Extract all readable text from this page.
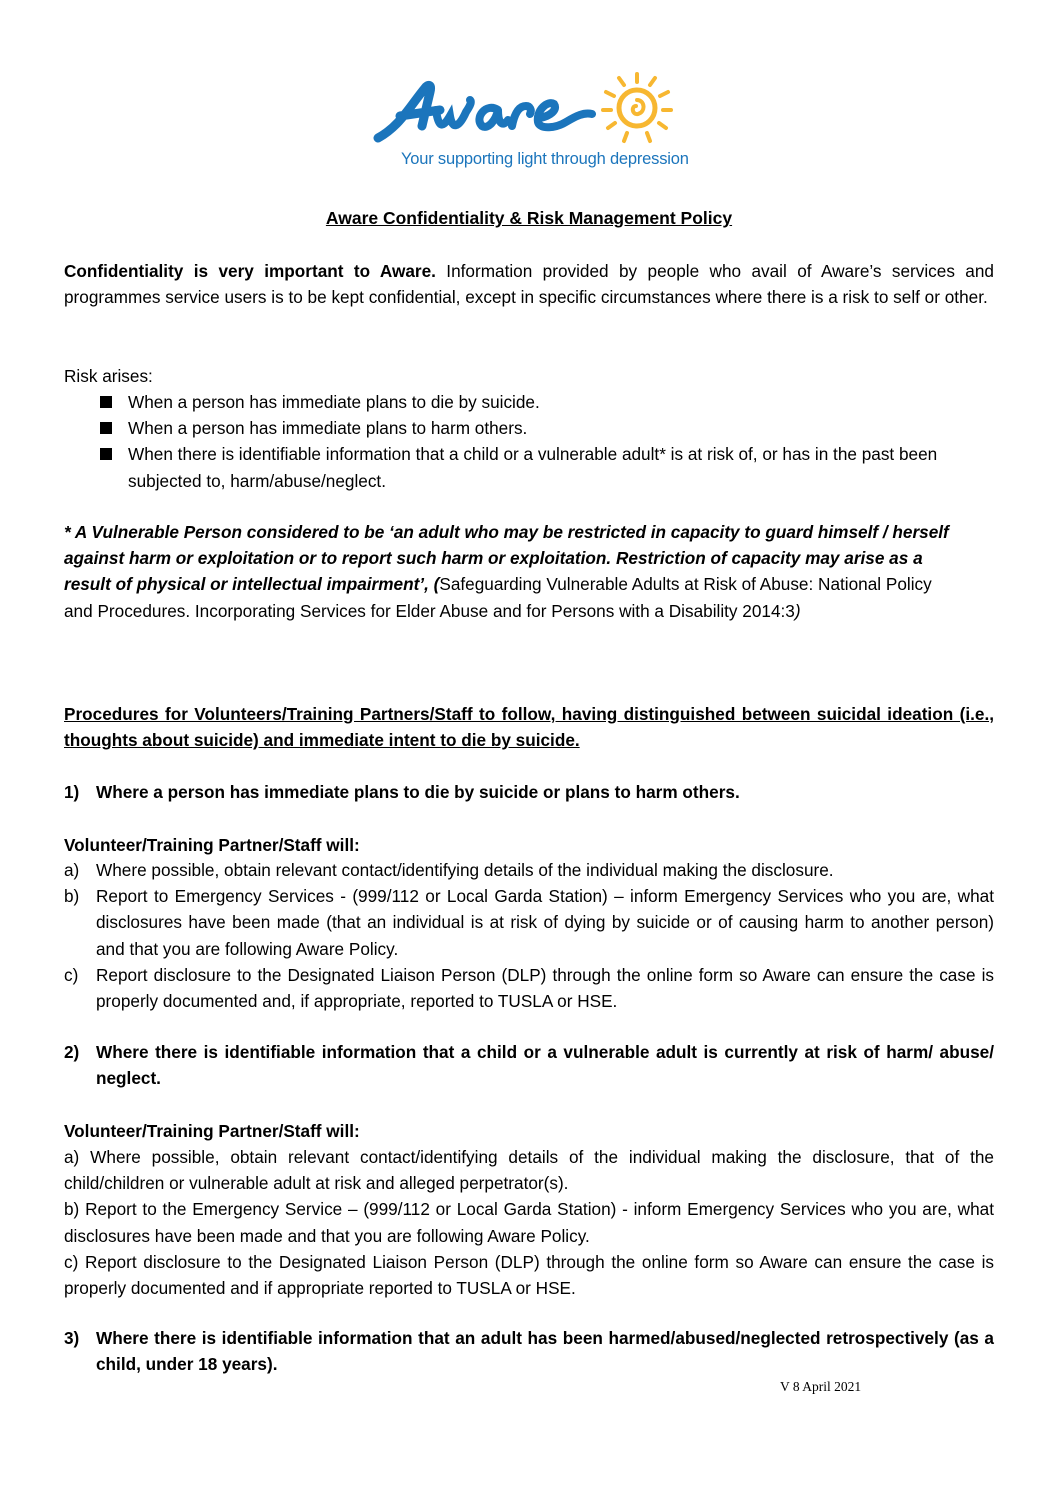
Your supporting light through depression
Aware Confidentiality & Risk Management Policy
Confidentiality is very important to Aware. Information provided by people who avail of Aware’s services and programmes service users is to be kept confidential, except in specific circumstances where there is a risk to self or other.
Risk arises:
When a person has immediate plans to die by suicide.
When a person has immediate plans to harm others.
When there is identifiable information that a child or a vulnerable adult* is at risk of, or has in the past been subjected to, harm/abuse/neglect.
* A Vulnerable Person considered to be ‘an adult who may be restricted in capacity to guard himself / herself against harm or exploitation or to report such harm or exploitation. Restriction of capacity may arise as a result of physical or intellectual impairment’, (Safeguarding Vulnerable Adults at Risk of Abuse: National Policy and Procedures. Incorporating Services for Elder Abuse and for Persons with a Disability 2014:3)
Procedures for Volunteers/Training Partners/Staff to follow, having distinguished between suicidal ideation (i.e., thoughts about suicide) and immediate intent to die by suicide.
1) Where a person has immediate plans to die by suicide or plans to harm others.
Volunteer/Training Partner/Staff will:
a) Where possible, obtain relevant contact/identifying details of the individual making the disclosure.
b) Report to Emergency Services - (999/112 or Local Garda Station) – inform Emergency Services who you are, what disclosures have been made (that an individual is at risk of dying by suicide or of causing harm to another person) and that you are following Aware Policy.
c) Report disclosure to the Designated Liaison Person (DLP) through the online form so Aware can ensure the case is properly documented and, if appropriate, reported to TUSLA or HSE.
2) Where there is identifiable information that a child or a vulnerable adult is currently at risk of harm/ abuse/ neglect.
Volunteer/Training Partner/Staff will:
a) Where possible, obtain relevant contact/identifying details of the individual making the disclosure, that of the child/children or vulnerable adult at risk and alleged perpetrator(s).
b) Report to the Emergency Service – (999/112 or Local Garda Station) - inform Emergency Services who you are, what disclosures have been made and that you are following Aware Policy.
c) Report disclosure to the Designated Liaison Person (DLP) through the online form so Aware can ensure the case is properly documented and if appropriate reported to TUSLA or HSE.
3) Where there is identifiable information that an adult has been harmed/abused/neglected retrospectively (as a child, under 18 years).
V 8 April 2021
